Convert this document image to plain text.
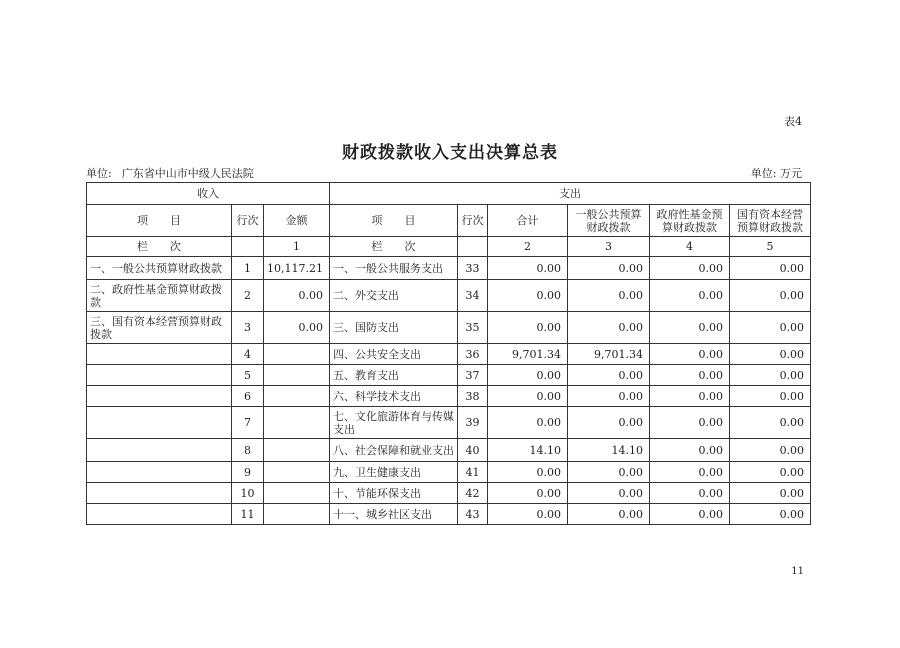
表4
财政拨款收入支出决算总表
单位: 广东省中山市中级人民法院	单位: 万元
收入			支出					
项　　目	行次	金额	项　　目	行次	合计	一般公共预算财政拨款	政府性基金预算财政拨款	国有资本经营预算财政拨款
栏　　次		1	栏　　次		2	3	4	5
一、一般公共预算财政拨款	1	10,117.21	一、一般公共服务支出	33	0.00	0.00	0.00	0.00
二、政府性基金预算财政拨款	2	0.00	二、外交支出	34	0.00	0.00	0.00	0.00
三、国有资本经营预算财政拨款	3	0.00	三、国防支出	35	0.00	0.00	0.00	0.00
	4		四、公共安全支出	36	9,701.34	9,701.34	0.00	0.00
	5		五、教育支出	37	0.00	0.00	0.00	0.00
	6		六、科学技术支出	38	0.00	0.00	0.00	0.00
	7		七、文化旅游体育与传媒支出	39	0.00	0.00	0.00	0.00
	8		八、社会保障和就业支出	40	14.10	14.10	0.00	0.00
	9		九、卫生健康支出	41	0.00	0.00	0.00	0.00
	10		十、节能环保支出	42	0.00	0.00	0.00	0.00
	11		十一、城乡社区支出	43	0.00	0.00	0.00	0.00
11
